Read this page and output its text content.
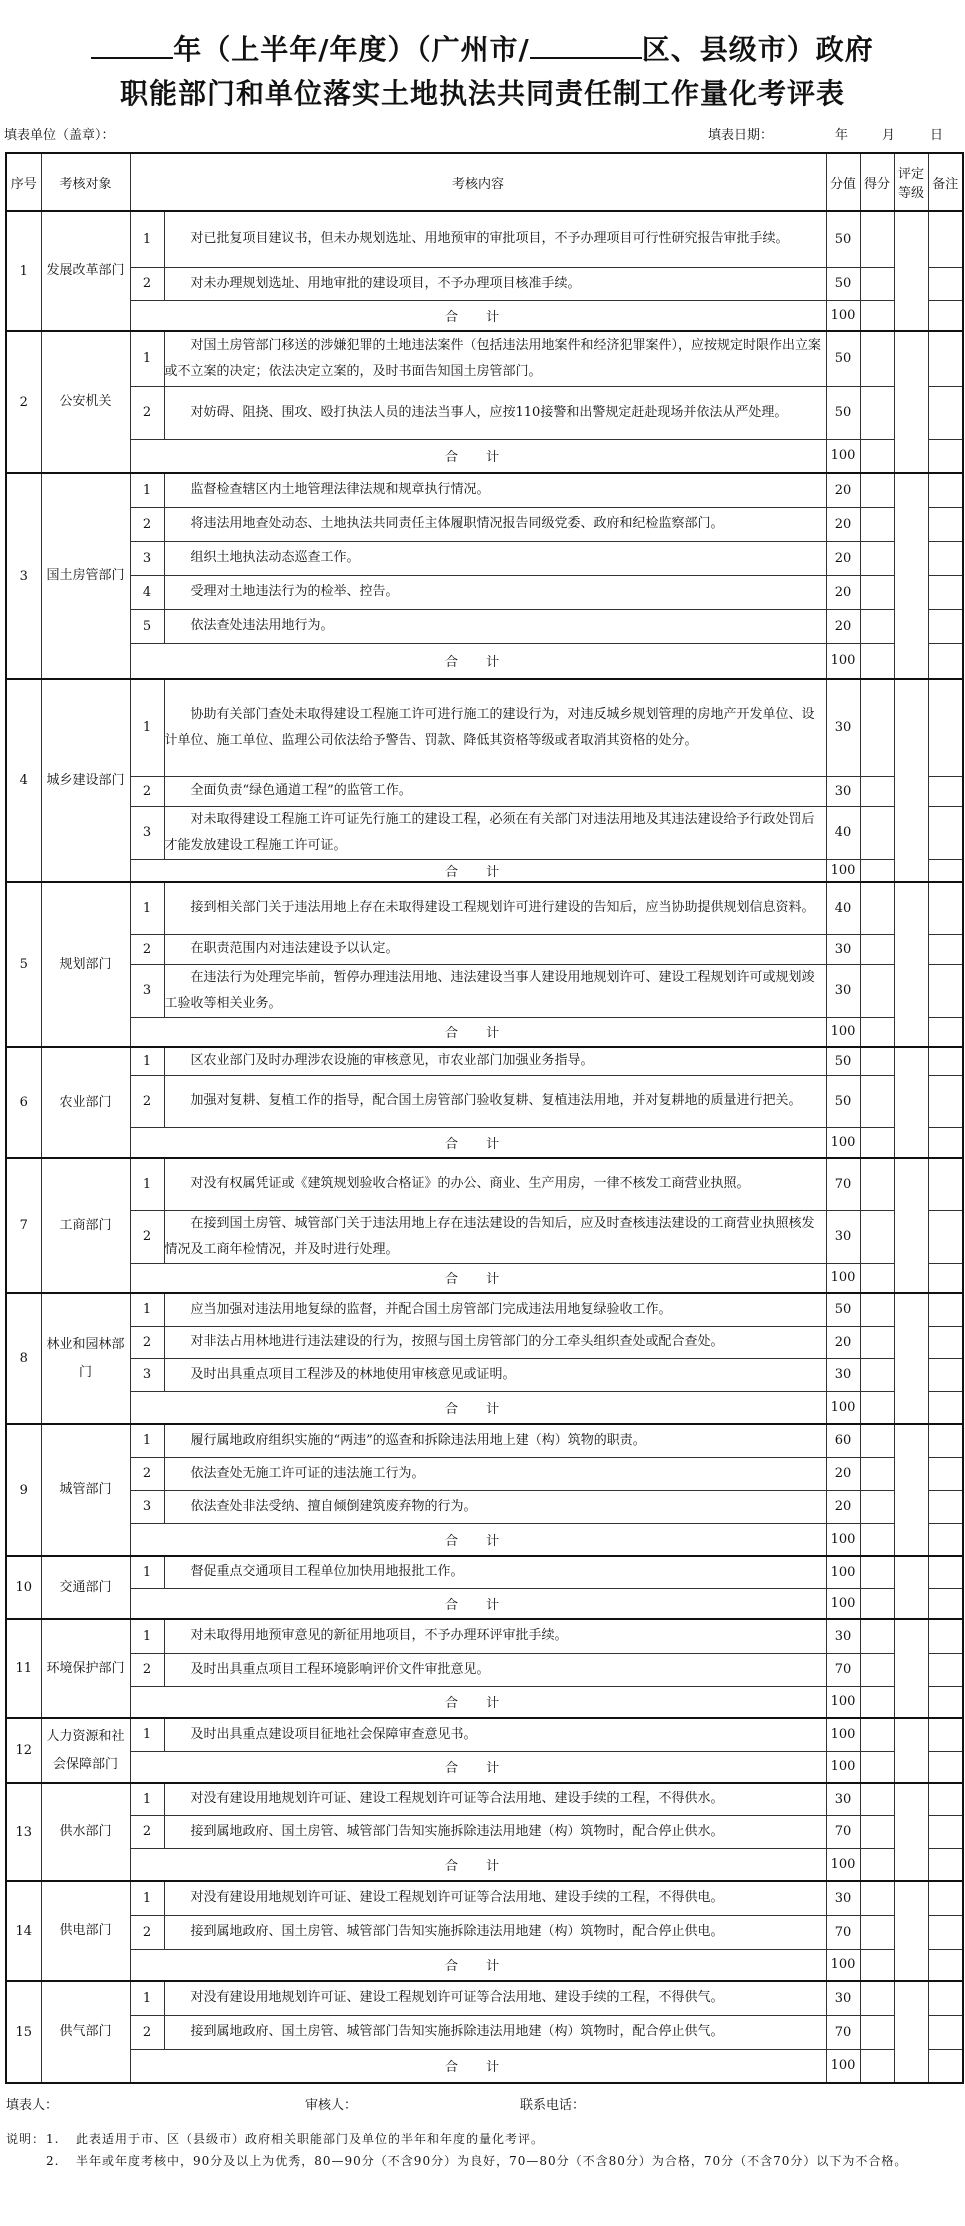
年（上半年/年度）（广州市/	区、县级市）政府
职能部门和单位落实土地执法共同责任制工作量化考评表
填表单位（盖章）：	填表日期：	年	月	日
序号	考核对象	考核内容		分值	得分	评定等级	备注
1	发展改革部门	1	对已批复项目建议书，但未办规划选址、用地预审的审批项目，不予办理项目可行性研究报告审批手续。	50			
		2	对未办理规划选址、用地审批的建设项目，不予办理项目核准手续。	50			
		合 计		100			
2	公安机关	1	对国土房管部门移送的涉嫌犯罪的土地违法案件（包括违法用地案件和经济犯罪案件），应按规定时限作出立案或不立案的决定；依法决定立案的，及时书面告知国土房管部门。	50			
		2	对妨碍、阻挠、围攻、殴打执法人员的违法当事人，应按110接警和出警规定赶赴现场并依法从严处理。	50			
		合 计		100			
3	国土房管部门	1	监督检查辖区内土地管理法律法规和规章执行情况。	20			
		2	将违法用地查处动态、土地执法共同责任主体履职情况报告同级党委、政府和纪检监察部门。	20			
		3	组织土地执法动态巡查工作。	20			
		4	受理对土地违法行为的检举、控告。	20			
		5	依法查处违法用地行为。	20			
		合 计		100			
4	城乡建设部门	1	协助有关部门查处未取得建设工程施工许可进行施工的建设行为，对违反城乡规划管理的房地产开发单位、设计单位、施工单位、监理公司依法给予警告、罚款、降低其资格等级或者取消其资格的处分。	30			
		2	全面负责“绿色通道工程”的监管工作。	30			
		3	对未取得建设工程施工许可证先行施工的建设工程，必须在有关部门对违法用地及其违法建设给予行政处罚后才能发放建设工程施工许可证。	40			
		合 计		100			
5	规划部门	1	接到相关部门关于违法用地上存在未取得建设工程规划许可进行建设的告知后，应当协助提供规划信息资料。	40			
		2	在职责范围内对违法建设予以认定。	30			
		3	在违法行为处理完毕前，暂停办理违法用地、违法建设当事人建设用地规划许可、建设工程规划许可或规划竣工验收等相关业务。	30			
		合 计		100			
6	农业部门	1	区农业部门及时办理涉农设施的审核意见，市农业部门加强业务指导。	50			
		2	加强对复耕、复植工作的指导，配合国土房管部门验收复耕、复植违法用地，并对复耕地的质量进行把关。	50			
		合 计		100			
7	工商部门	1	对没有权属凭证或《建筑规划验收合格证》的办公、商业、生产用房，一律不核发工商营业执照。	70			
		2	在接到国土房管、城管部门关于违法用地上存在违法建设的告知后，应及时查核违法建设的工商营业执照核发情况及工商年检情况，并及时进行处理。	30			
		合 计		100			
8	林业和园林部门	1	应当加强对违法用地复绿的监督，并配合国土房管部门完成违法用地复绿验收工作。	50			
		2	对非法占用林地进行违法建设的行为，按照与国土房管部门的分工牵头组织查处或配合查处。	20			
		3	及时出具重点项目工程涉及的林地使用审核意见或证明。	30			
		合 计		100			
9	城管部门	1	履行属地政府组织实施的“两违”的巡查和拆除违法用地上建（构）筑物的职责。	60			
		2	依法查处无施工许可证的违法施工行为。	20			
		3	依法查处非法受纳、擅自倾倒建筑废弃物的行为。	20			
		合 计		100			
10	交通部门	1	督促重点交通项目工程单位加快用地报批工作。	100			
		合 计		100			
11	环境保护部门	1	对未取得用地预审意见的新征用地项目，不予办理环评审批手续。	30			
		2	及时出具重点项目工程环境影响评价文件审批意见。	70			
		合 计		100			
12	人力资源和社会保障部门	1	及时出具重点建设项目征地社会保障审查意见书。	100			
		合 计		100			
13	供水部门	1	对没有建设用地规划许可证、建设工程规划许可证等合法用地、建设手续的工程，不得供水。	30			
		2	接到属地政府、国土房管、城管部门告知实施拆除违法用地建（构）筑物时，配合停止供水。	70			
		合 计		100			
14	供电部门	1	对没有建设用地规划许可证、建设工程规划许可证等合法用地、建设手续的工程，不得供电。	30			
		2	接到属地政府、国土房管、城管部门告知实施拆除违法用地建（构）筑物时，配合停止供电。	70			
		合 计		100			
15	供气部门	1	对没有建设用地规划许可证、建设工程规划许可证等合法用地、建设手续的工程，不得供气。	30			
		2	接到属地政府、国土房管、城管部门告知实施拆除违法用地建（构）筑物时，配合停止供气。	70			
		合 计		100			
填表人：	审核人：	联系电话：
说明： 1.	此表适用于市、区（县级市）政府相关职能部门及单位的半年和年度的量化考评。
2.	半年或年度考核中，90分及以上为优秀，80—90分（不含90分）为良好，70—80分（不含80分）为合格，70分（不含70分）以下为不合格。
